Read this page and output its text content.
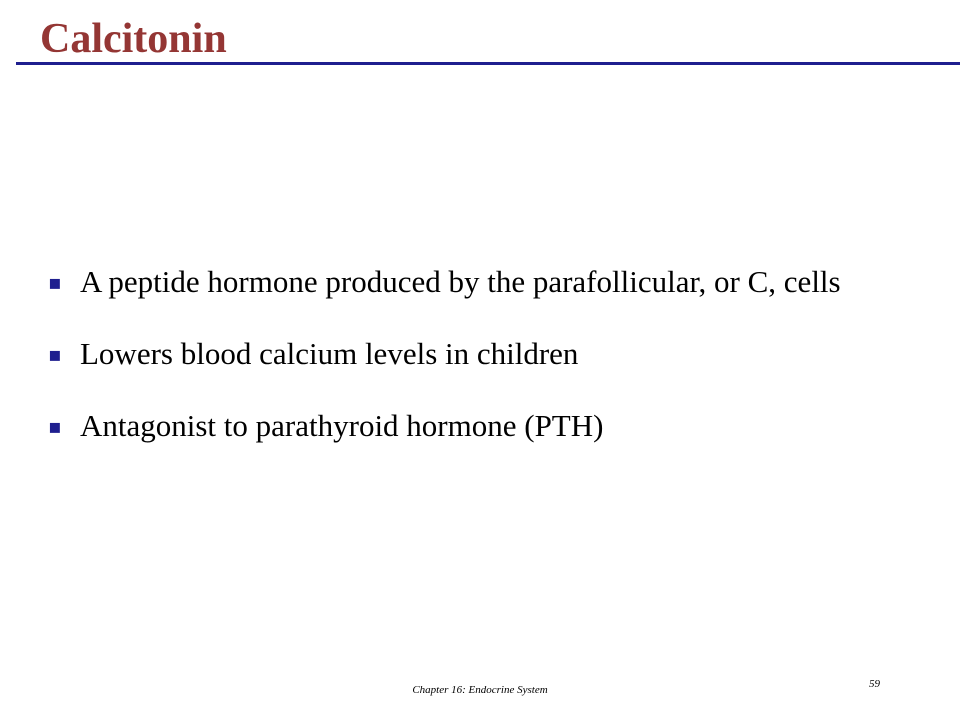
Calcitonin
▪ A peptide hormone produced by the parafollicular, or C, cells
▪ Lowers blood calcium levels in children
▪ Antagonist to parathyroid hormone (PTH)
Chapter 16: Endocrine System	59
